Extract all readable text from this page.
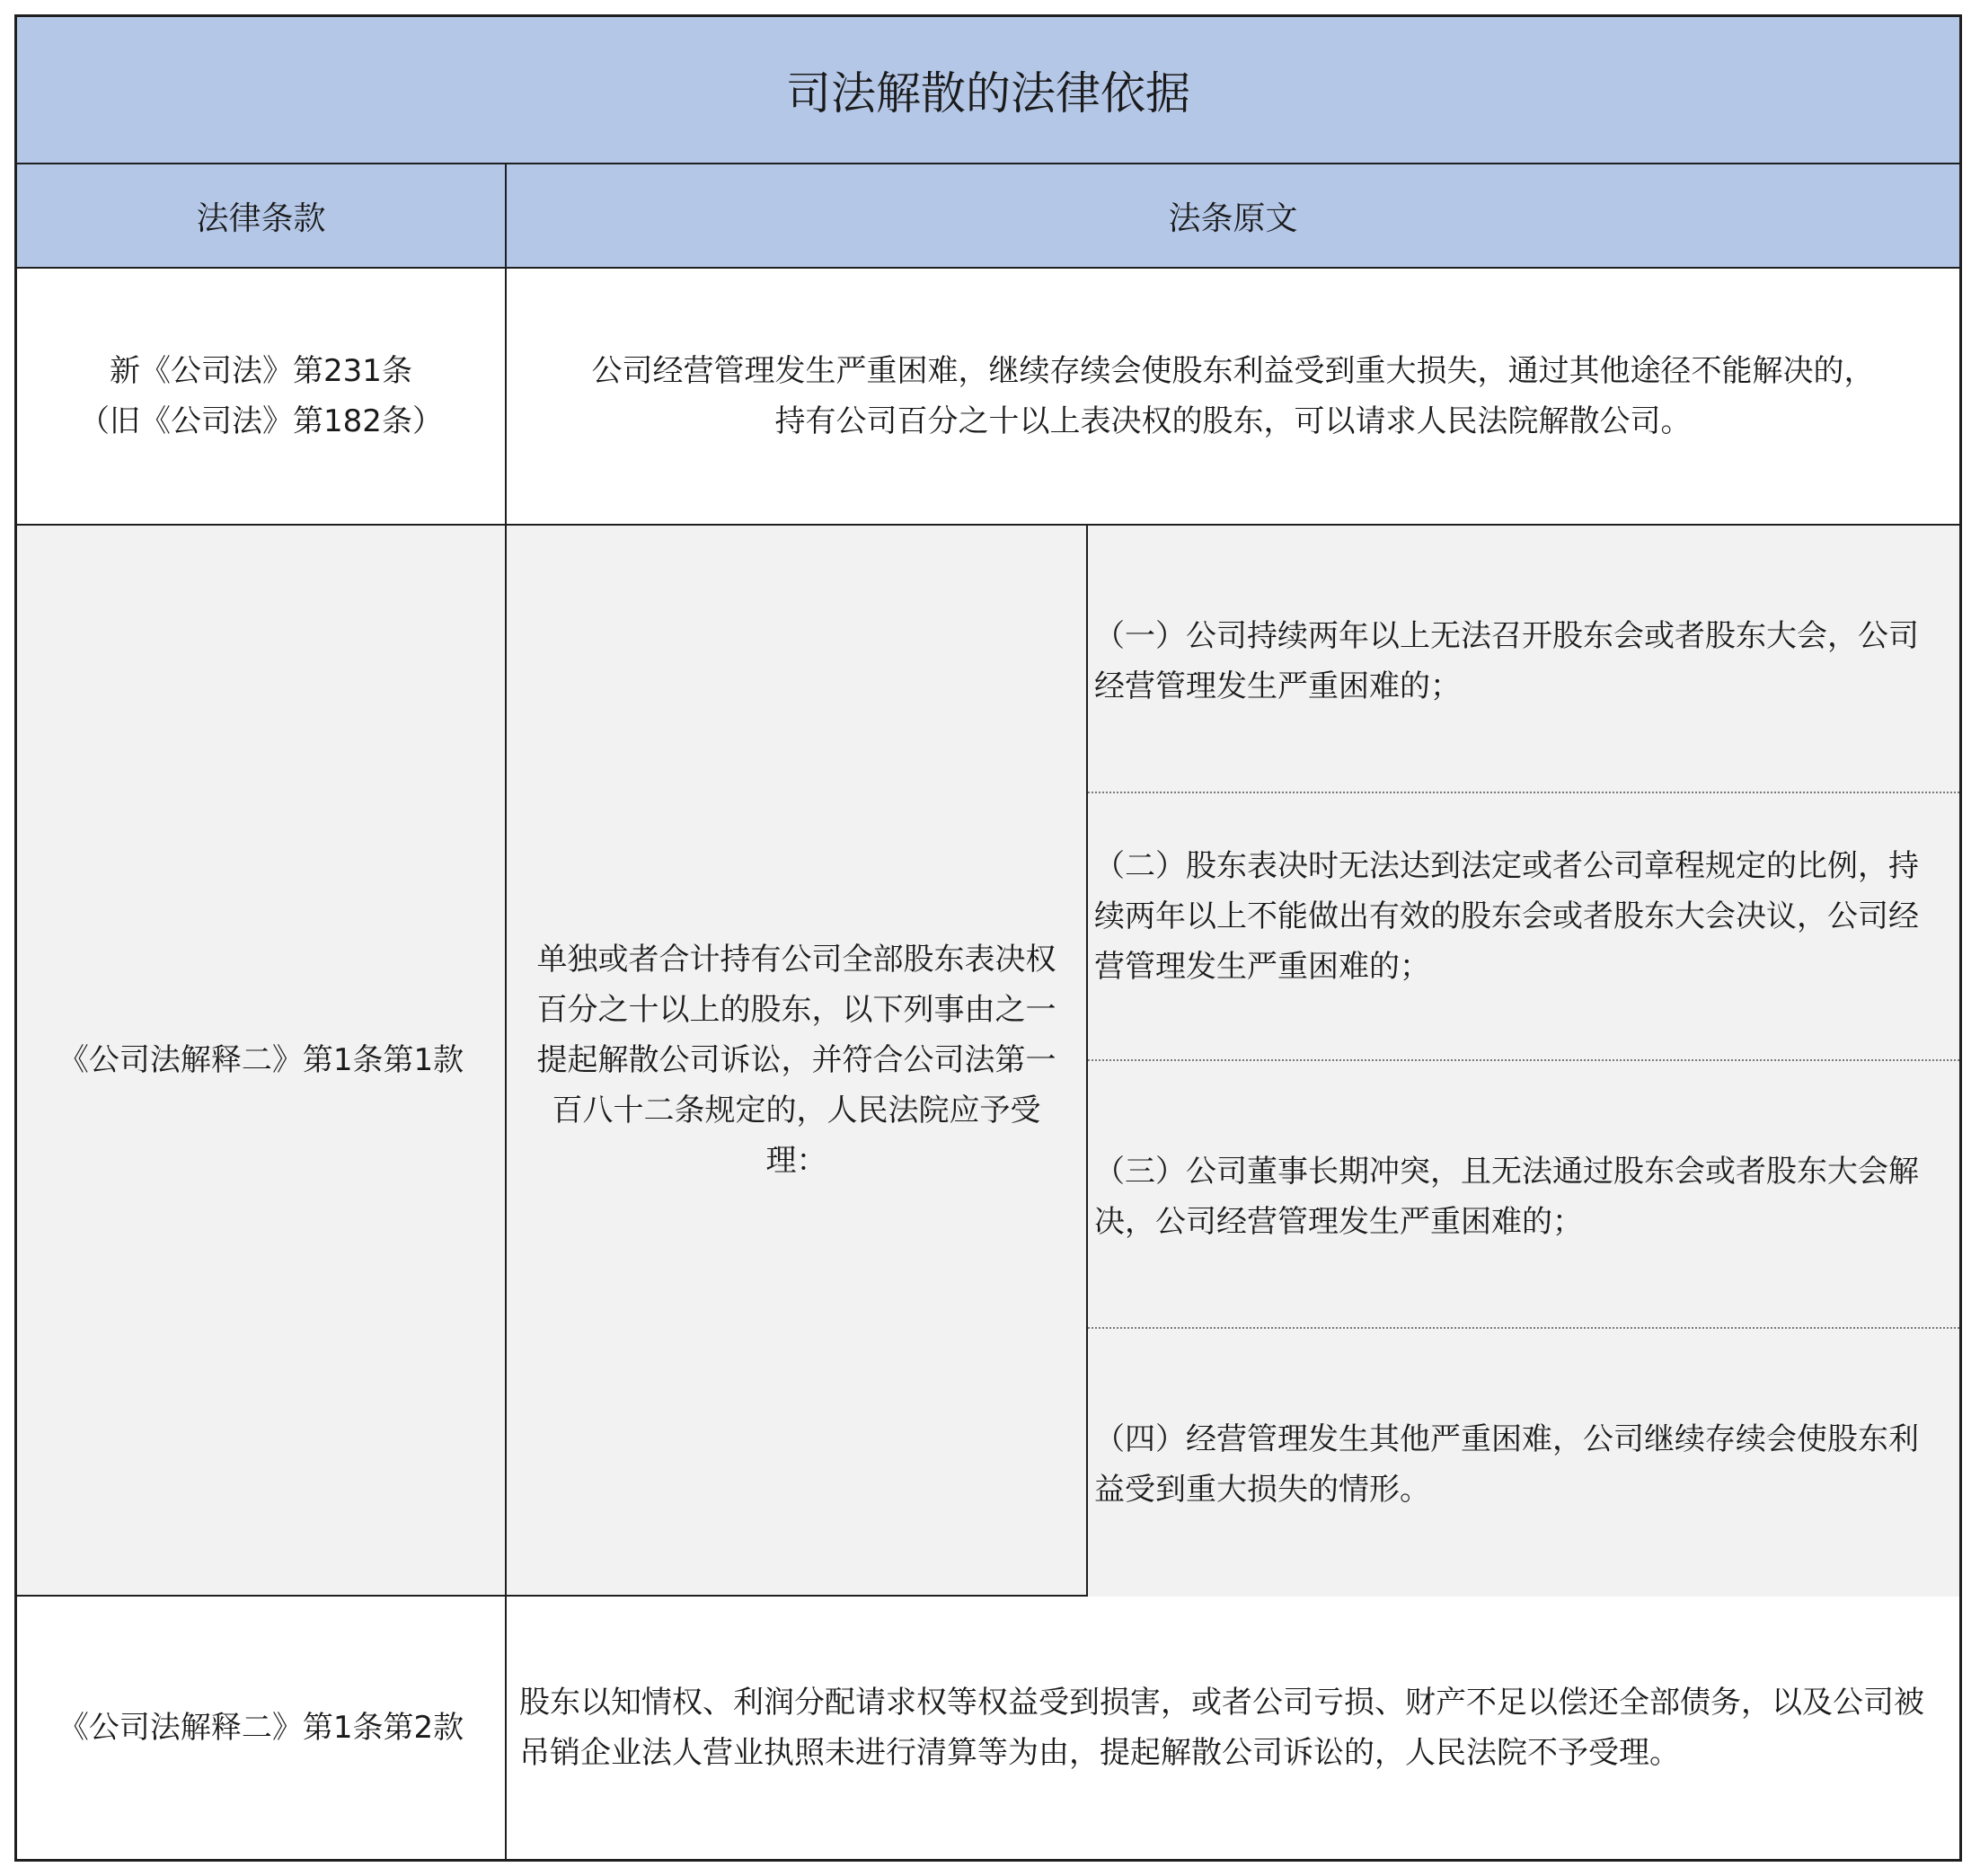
司法解散的法律依据
法律条款	法条原文
新《公司法》第231条
（旧《公司法》第182条）
公司经营管理发生严重困难，继续存续会使股东利益受到重大损失，通过其他途径不能解决的，
持有公司百分之十以上表决权的股东，可以请求人民法院解散公司。
《公司法解释二》第1条第1款
单独或者合计持有公司全部股东表决权百分之十以上的股东，以下列事由之一提起解散公司诉讼，并符合公司法第一百八十二条规定的，人民法院应予受理：
（一）公司持续两年以上无法召开股东会或者股东大会，公司经营管理发生严重困难的；
（二）股东表决时无法达到法定或者公司章程规定的比例，持续两年以上不能做出有效的股东会或者股东大会决议，公司经营管理发生严重困难的；
（三）公司董事长期冲突，且无法通过股东会或者股东大会解决，公司经营管理发生严重困难的；
（四）经营管理发生其他严重困难，公司继续存续会使股东利益受到重大损失的情形。
《公司法解释二》第1条第2款
股东以知情权、利润分配请求权等权益受到损害，或者公司亏损、财产不足以偿还全部债务，以及公司被吊销企业法人营业执照未进行清算等为由，提起解散公司诉讼的，人民法院不予受理。
